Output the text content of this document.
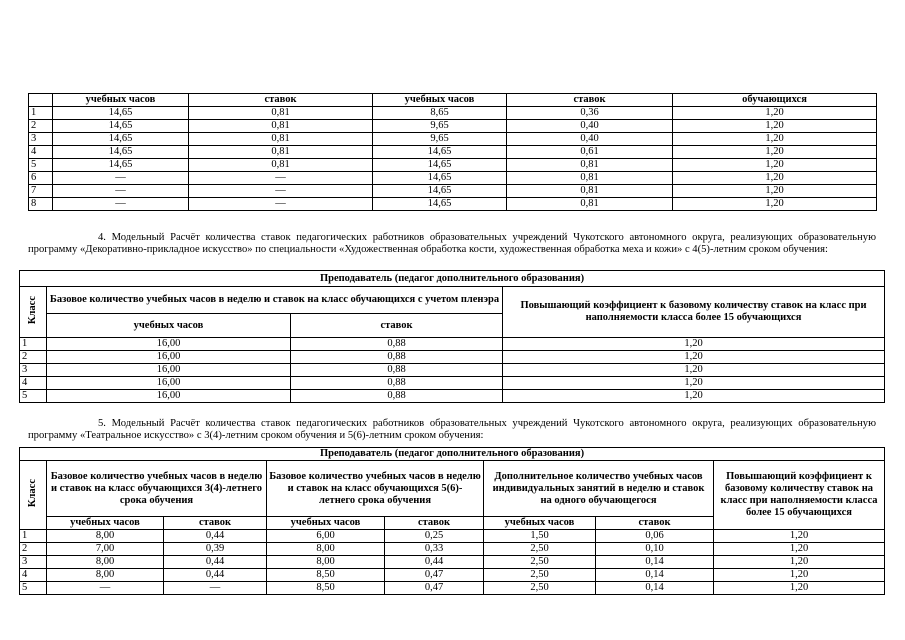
	учебных часов	ставок	учебных часов	ставок	обучающихся
1	14,65	0,81	8,65	0,36	1,20
2	14,65	0,81	9,65	0,40	1,20
3	14,65	0,81	9,65	0,40	1,20
4	14,65	0,81	14,65	0,61	1,20
5	14,65	0,81	14,65	0,81	1,20
6	—	—	14,65	0,81	1,20
7	—	—	14,65	0,81	1,20
8	—	—	14,65	0,81	1,20
4. Модельный Расчёт количества ставок педагогических работников образовательных учреждений Чукотского автономного округа, реализующих образовательную программу «Декоративно-прикладное искусство» по специальности «Художественная обработка кости, художественная обработка меха и кожи» с 4(5)-летним сроком обучения:
Преподаватель (педагог дополнительного образования)			
Класс	Базовое количество учебных часов в неделю и ставок на класс обучающихся с учетом пленэра		Повышающий коэффициент к базовому количеству ставок на класс при наполняемости класса более 15 обучающихся
	учебных часов	ставок	
1	16,00	0,88	1,20
2	16,00	0,88	1,20
3	16,00	0,88	1,20
4	16,00	0,88	1,20
5	16,00	0,88	1,20
5. Модельный Расчёт количества ставок педагогических работников образовательных учреждений Чукотского автономного округа, реализующих образовательную программу «Театральное искусство» с 3(4)-летним сроком обучения и 5(6)-летним сроком обучения:
Преподаватель (педагог дополнительного образования)							
Класс	Базовое количество учебных часов в неделю и ставок на класс обучающихся 3(4)-летнего срока обучения		Базовое количество учебных часов в неделю и ставок на класс обучающихся 5(6)- летнего срока обучения		Дополнительное количество учебных часов индивидуальных занятий в неделю и ставок на одного обучающегося		Повышающий коэффициент к базовому количеству ставок на класс при наполняемости класса более 15 обучающихся
	учебных часов	ставок	учебных часов	ставок	учебных часов	ставок	
1	8,00	0,44	6,00	0,25	1,50	0,06	1,20
2	7,00	0,39	8,00	0,33	2,50	0,10	1,20
3	8,00	0,44	8,00	0,44	2,50	0,14	1,20
4	8,00	0,44	8,50	0,47	2,50	0,14	1,20
5	—	—	8,50	0,47	2,50	0,14	1,20
